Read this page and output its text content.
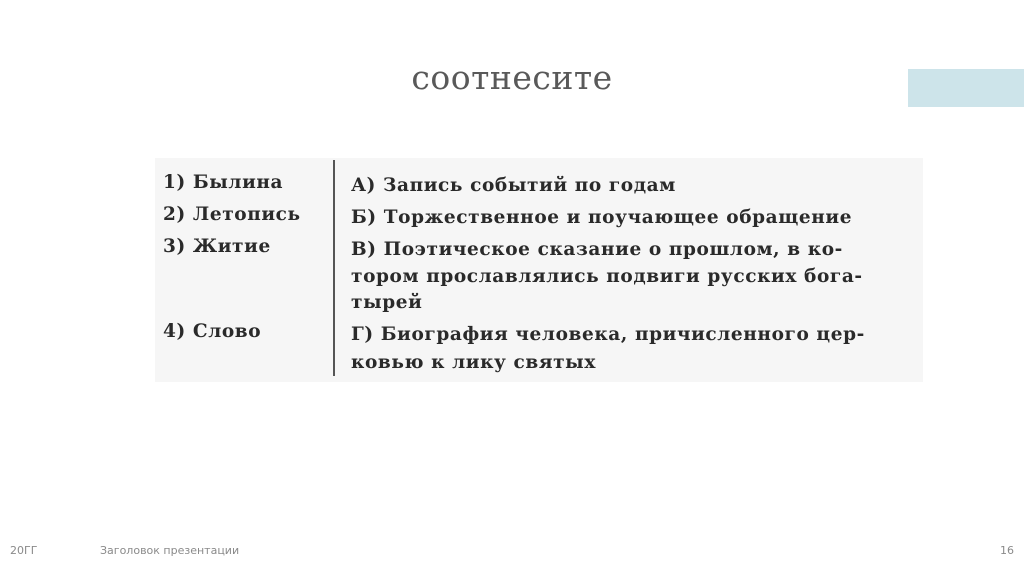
соотнесите
1) Былина
2) Летопись
3) Житие
4) Слово
А) Запись событий по годам
Б) Торжественное и поучающее обращение
В) Поэтическое сказание о прошлом, в ко-
тором прославлялись подвиги русских бога-
тырей
Г) Биография человека, причисленного цер-
ковью к лику святых
20ГГ	Заголовок презентации	16
